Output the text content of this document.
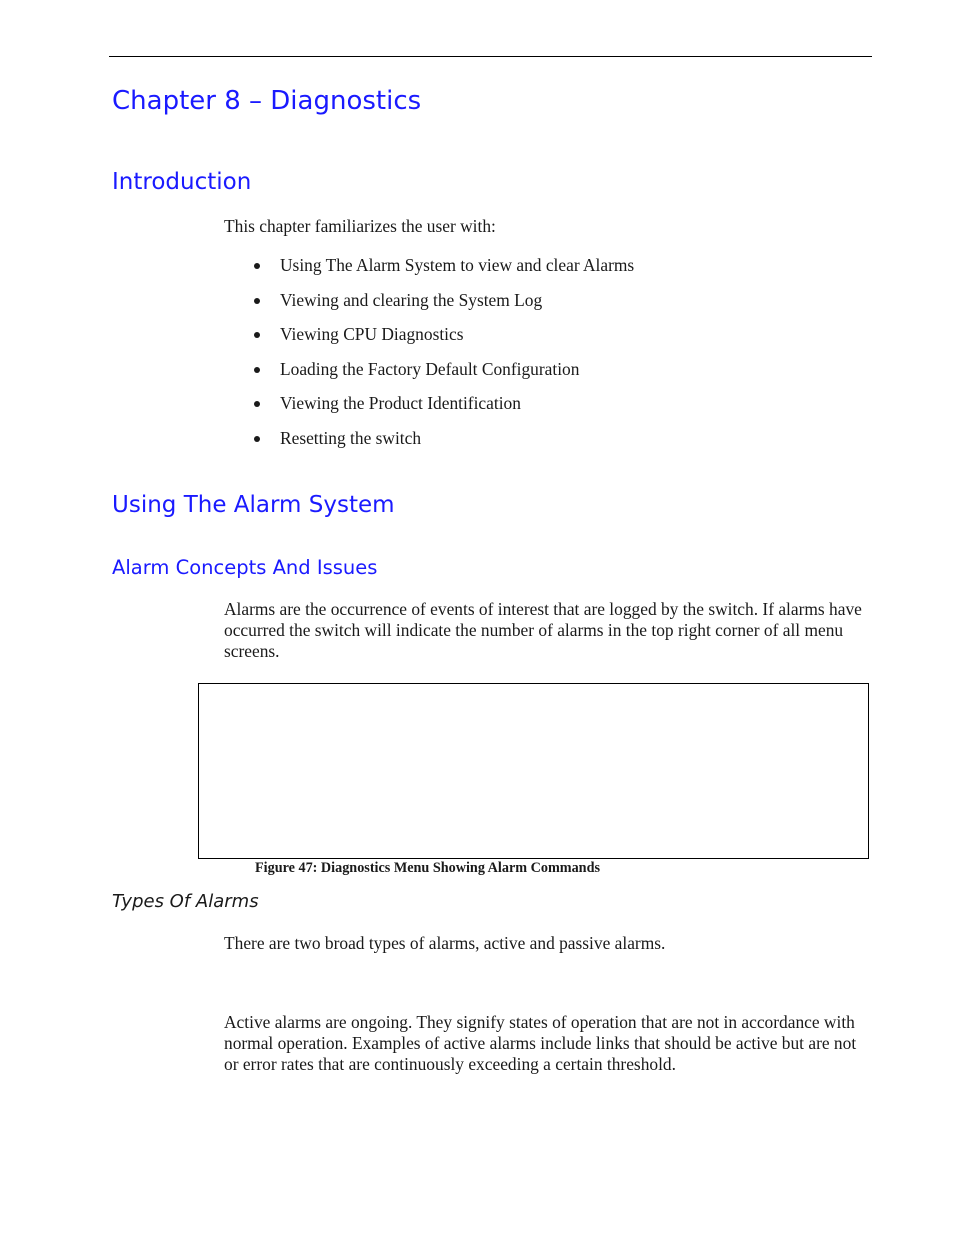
Chapter 8 – Diagnostics
Introduction

This chapter familiarizes the user with:

Using The Alarm System to view and clear Alarms
Viewing and clearing the System Log
Viewing CPU Diagnostics
Loading the Factory Default Configuration
Viewing the Product Identification
Resetting the switch
Using The Alarm System
Alarm Concepts And Issues

Alarms are the occurrence of events of interest that are logged by the switch. If alarms have occurred the switch will indicate the number of alarms in the top right corner of all menu screens.

Figure 47: Diagnostics Menu Showing Alarm Commands

Types Of Alarms

There are two broad types of alarms, active and passive alarms.

Active alarms are ongoing. They signify states of operation that are not in accordance with normal operation. Examples of active alarms include links that should be active but are not or error rates that are continuously exceeding a certain threshold.
